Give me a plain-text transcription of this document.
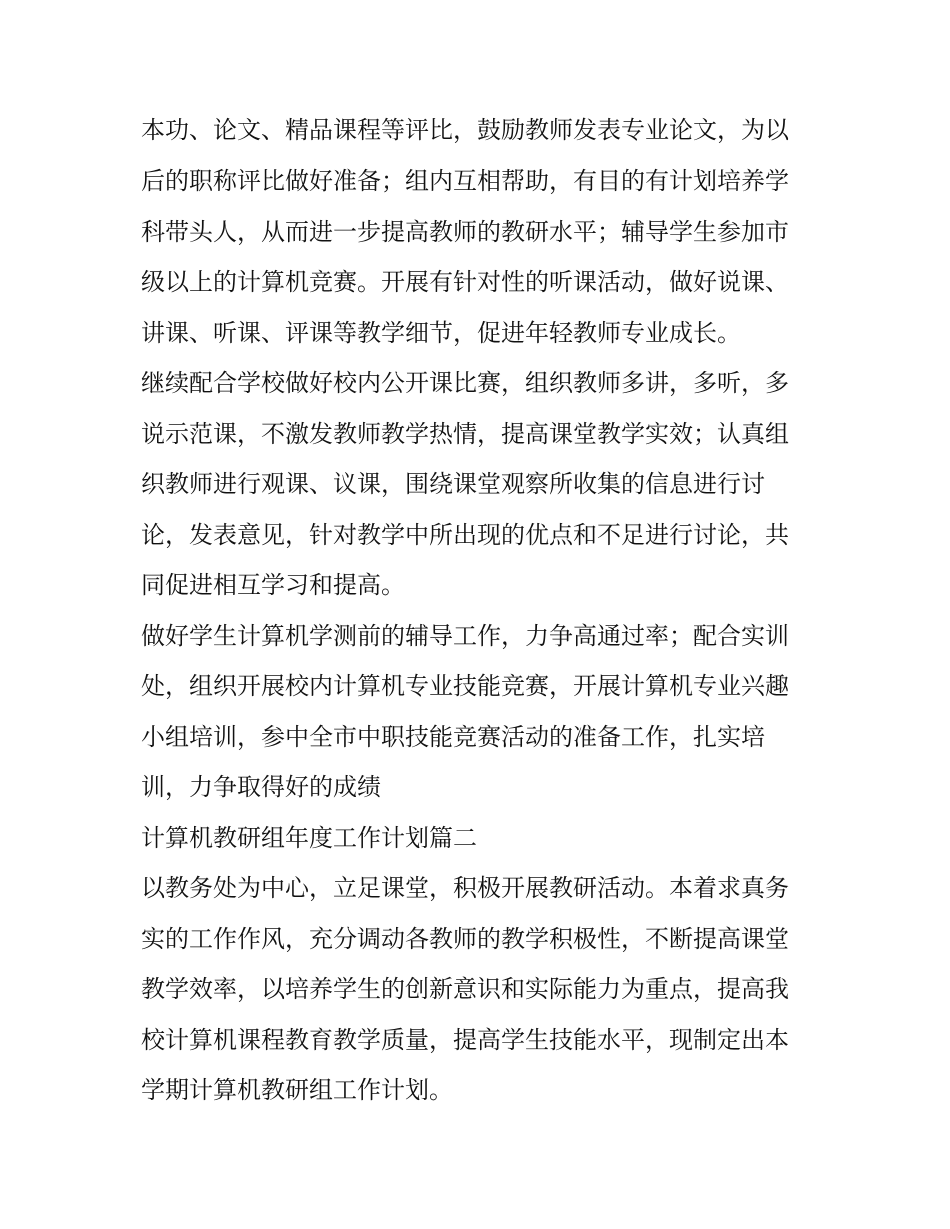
本功、论文、精品课程等评比，鼓励教师发表专业论文，为以
后的职称评比做好准备；组内互相帮助，有目的有计划培养学
科带头人，从而进一步提高教师的教研水平；辅导学生参加市
级以上的计算机竞赛。开展有针对性的听课活动，做好说课、
讲课、听课、评课等教学细节，促进年轻教师专业成长。
继续配合学校做好校内公开课比赛，组织教师多讲，多听，多
说示范课，不激发教师教学热情，提高课堂教学实效；认真组
织教师进行观课、议课，围绕课堂观察所收集的信息进行讨
论，发表意见，针对教学中所出现的优点和不足进行讨论，共
同促进相互学习和提高。
做好学生计算机学测前的辅导工作，力争高通过率；配合实训
处，组织开展校内计算机专业技能竞赛，开展计算机专业兴趣
小组培训，参中全市中职技能竞赛活动的准备工作，扎实培
训，力争取得好的成绩
计算机教研组年度工作计划篇二
以教务处为中心，立足课堂，积极开展教研活动。本着求真务
实的工作作风，充分调动各教师的教学积极性，不断提高课堂
教学效率，以培养学生的创新意识和实际能力为重点，提高我
校计算机课程教育教学质量，提高学生技能水平，现制定出本
学期计算机教研组工作计划。
